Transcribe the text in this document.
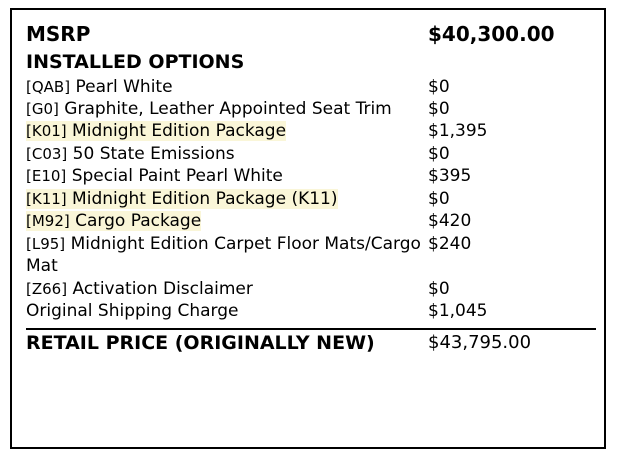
MSRP	$40,300.00
INSTALLED OPTIONS	
[QAB] Pearl White	$0
[G0] Graphite, Leather Appointed Seat Trim	$0
[K01] Midnight Edition Package	$1,395
[C03] 50 State Emissions	$0
[E10] Special Paint Pearl White	$395
[K11] Midnight Edition Package (K11)	$0
[M92] Cargo Package	$420
[L95] Midnight Edition Carpet Floor Mats/Cargo Mat	$240
[Z66] Activation Disclaimer	$0
Original Shipping Charge	$1,045

RETAIL PRICE (ORIGINALLY NEW)	$43,795.00
